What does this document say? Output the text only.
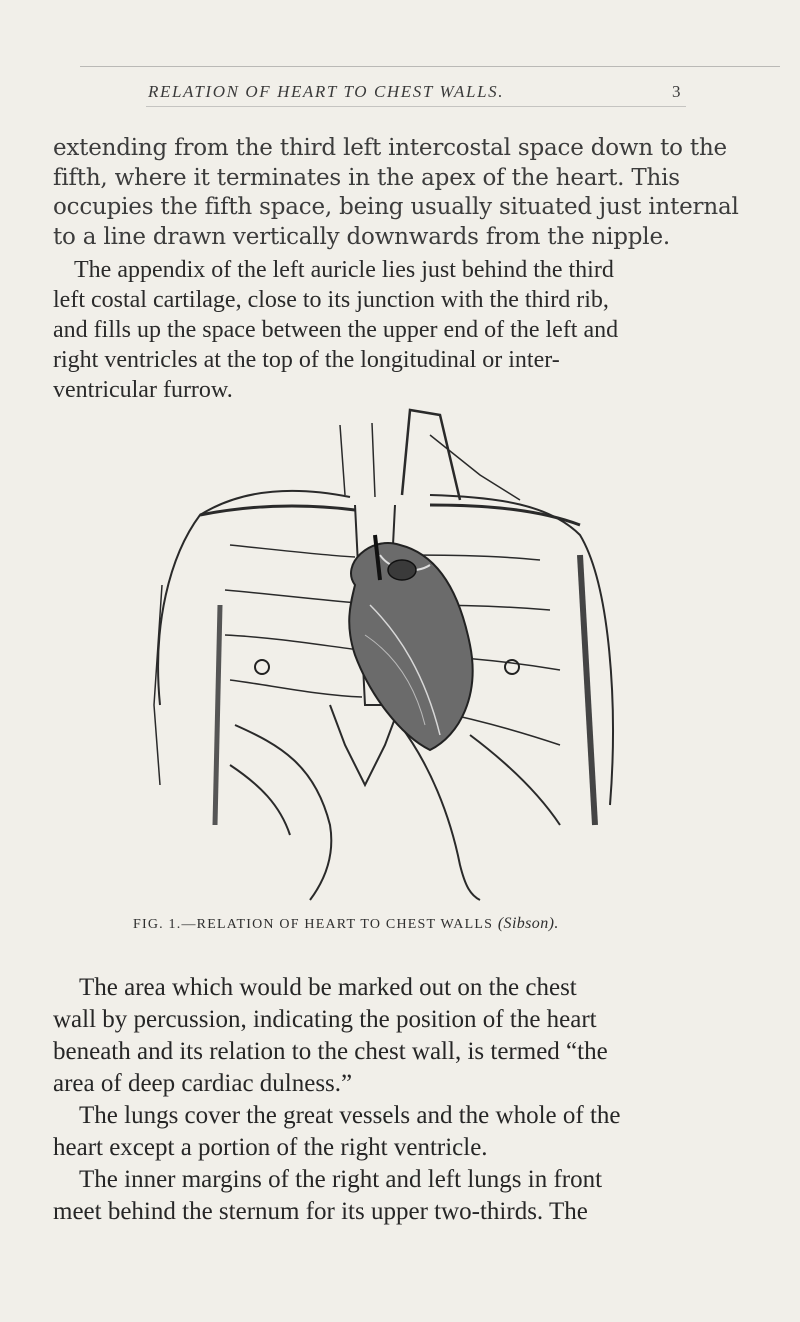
RELATION OF HEART TO CHEST WALLS.	3
extending from the third left intercostal space down to the
fifth, where it terminates in the apex of the heart. This
occupies the fifth space, being usually situated just internal
to a line drawn vertically downwards from the nipple.
The appendix of the left auricle lies just behind the third
left costal cartilage, close to its junction with the third rib,
and fills up the space between the upper end of the left and
right ventricles at the top of the longitudinal or inter-
ventricular furrow.
FIG. 1.—RELATION OF HEART TO CHEST WALLS (Sibson).
The area which would be marked out on the chest
wall by percussion, indicating the position of the heart
beneath and its relation to the chest wall, is termed “the
area of deep cardiac dulness.”
The lungs cover the great vessels and the whole of the
heart except a portion of the right ventricle.
The inner margins of the right and left lungs in front
meet behind the sternum for its upper two-thirds. The
